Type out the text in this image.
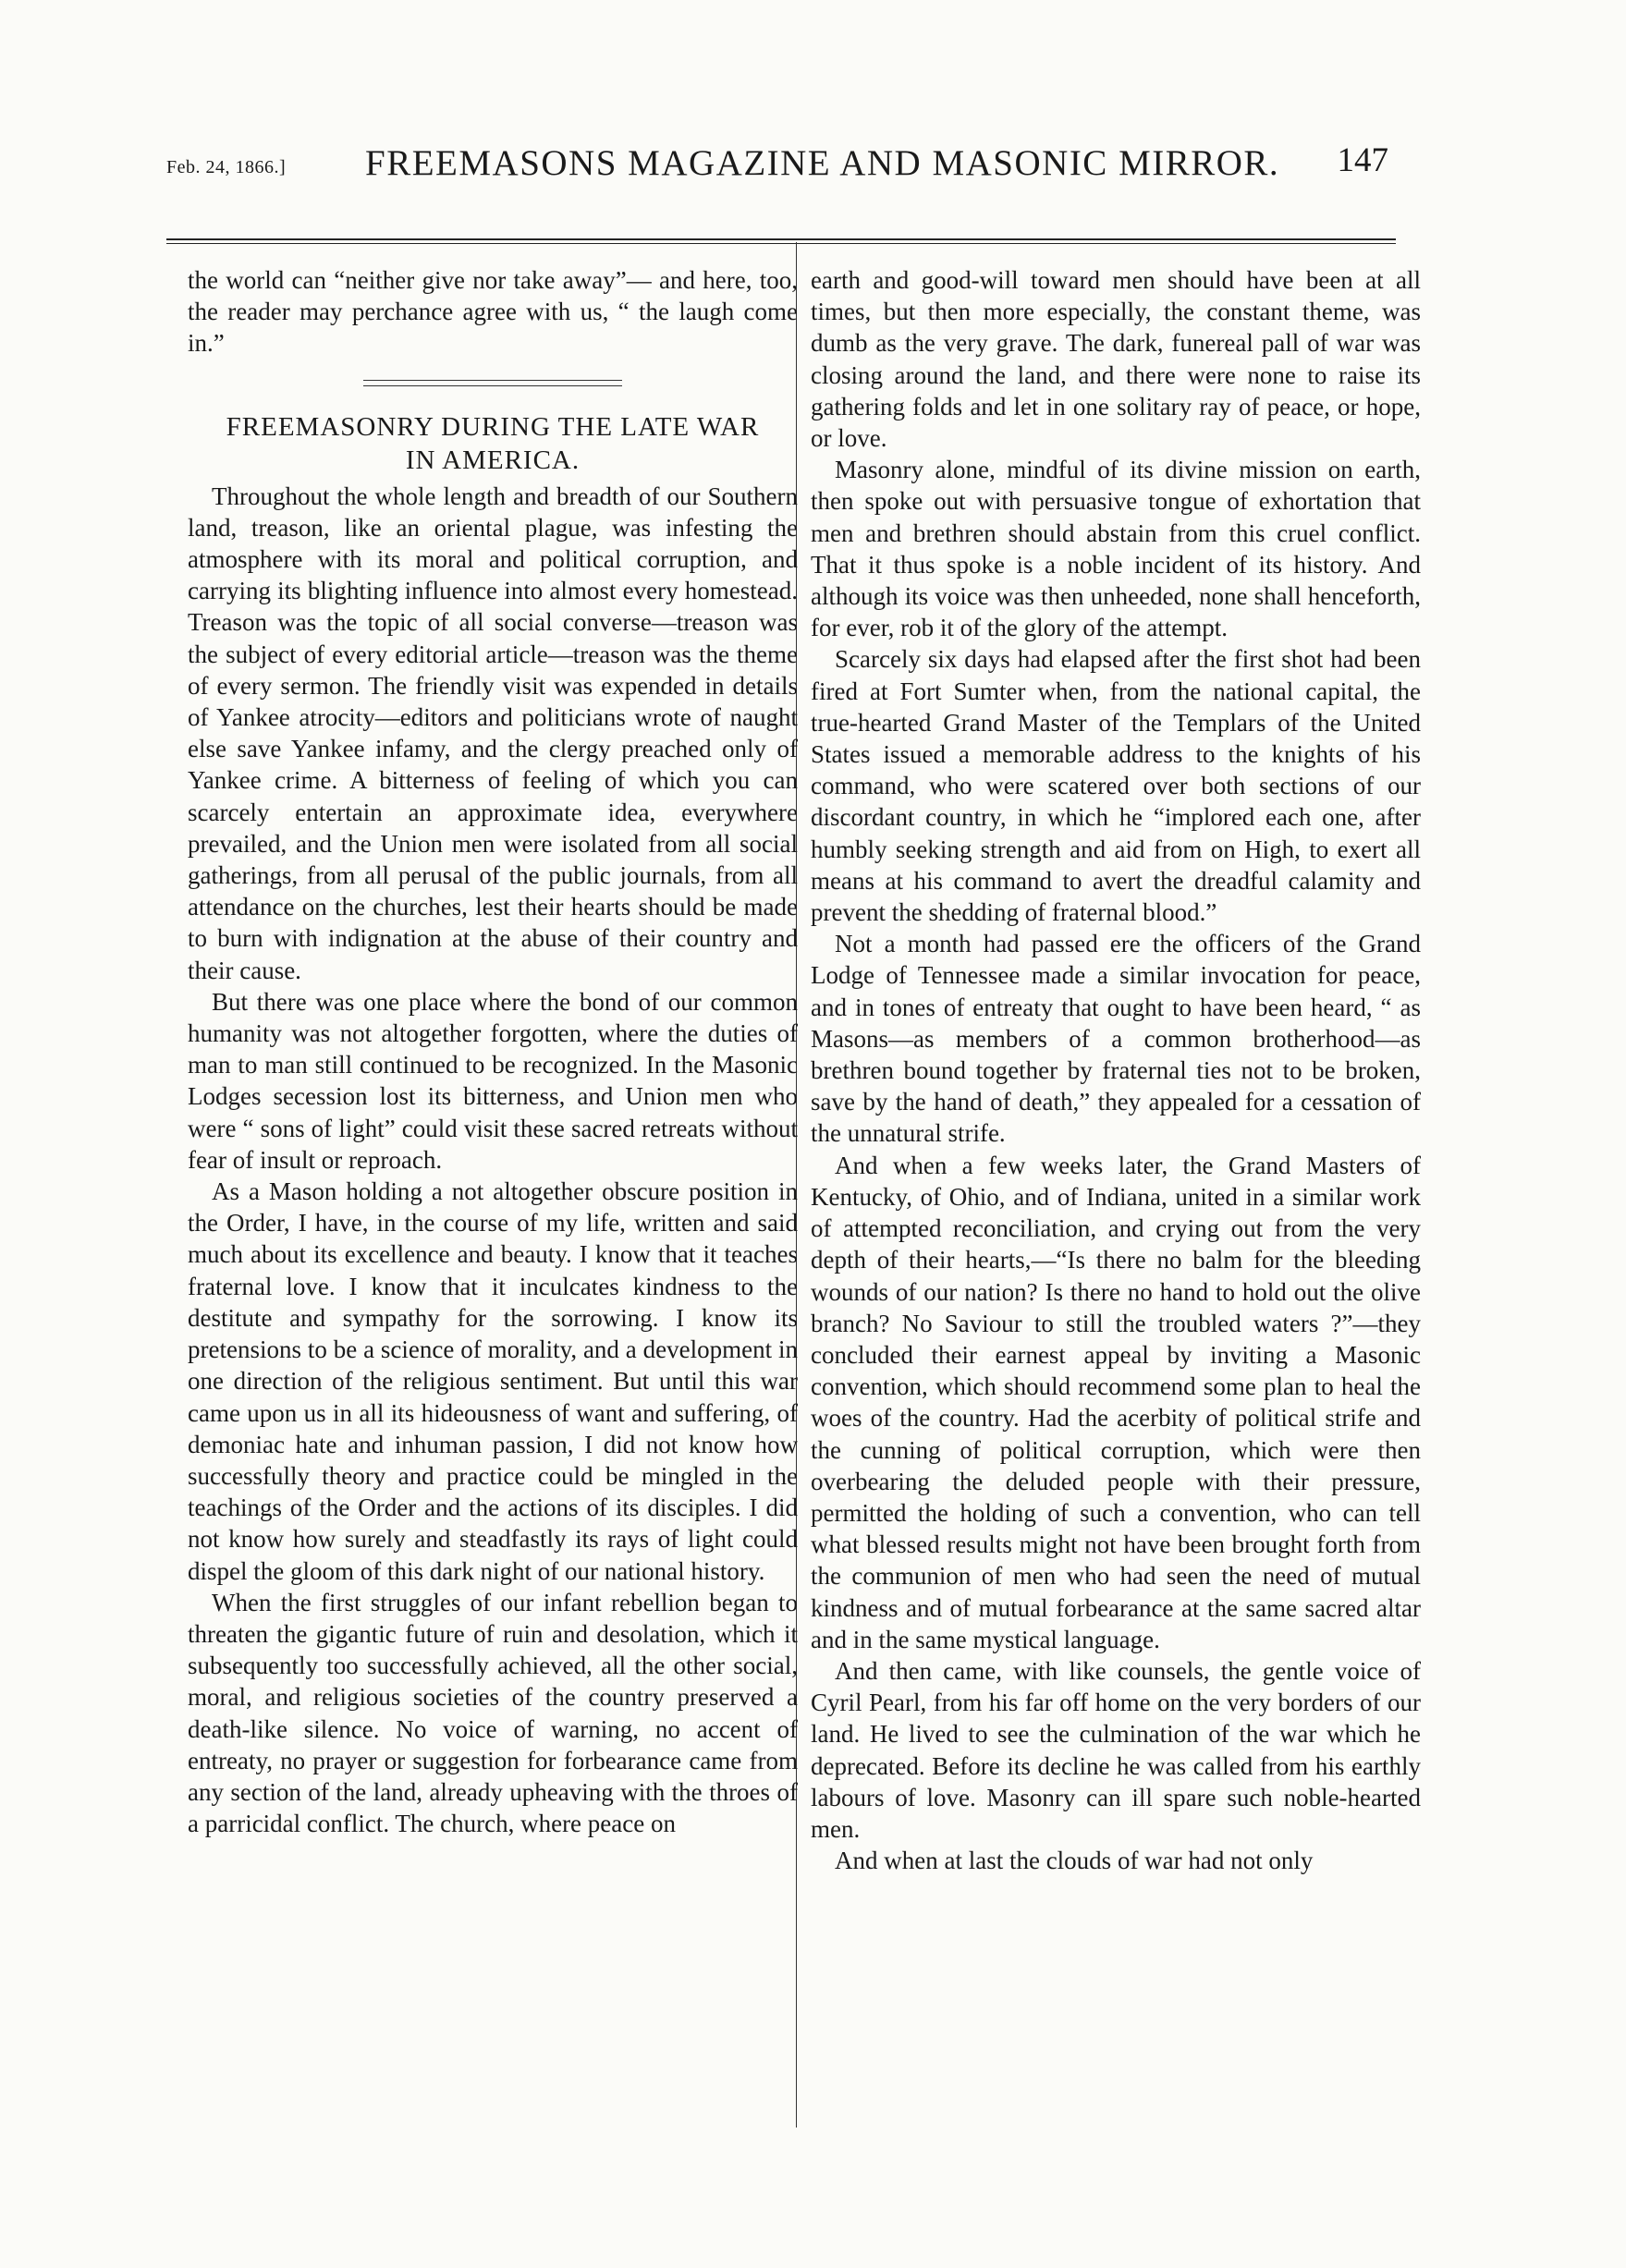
Feb. 24, 1866.] FREEMASONS MAGAZINE AND MASONIC MIRROR. 147

the world can “neither give nor take away”— and here, too, the reader may perchance agree with us, “ the laugh come in.”

FREEMASONRY DURING THE LATE WAR
IN AMERICA.

Throughout the whole length and breadth of our Southern land, treason, like an oriental plague, was infesting the atmosphere with its moral and political corruption, and carrying its blighting influence into almost every homestead. Treason was the topic of all social converse—treason was the subject of every editorial article—treason was the theme of every sermon. The friendly visit was expended in details of Yankee atrocity—editors and politicians wrote of naught else save Yankee infamy, and the clergy preached only of Yankee crime. A bitterness of feeling of which you can scarcely entertain an approximate idea, everywhere prevailed, and the Union men were isolated from all social gatherings, from all perusal of the public journals, from all attendance on the churches, lest their hearts should be made to burn with indignation at the abuse of their country and their cause.

But there was one place where the bond of our common humanity was not altogether forgotten, where the duties of man to man still continued to be recognized. In the Masonic Lodges secession lost its bitterness, and Union men who were “ sons of light” could visit these sacred retreats without fear of insult or reproach.

As a Mason holding a not altogether obscure position in the Order, I have, in the course of my life, written and said much about its excellence and beauty. I know that it teaches fraternal love. I know that it inculcates kindness to the destitute and sympathy for the sorrowing. I know its pretensions to be a science of morality, and a development in one direction of the religious sentiment. But until this war came upon us in all its hideousness of want and suffering, of demoniac hate and inhuman passion, I did not know how successfully theory and practice could be mingled in the teachings of the Order and the actions of its disciples. I did not know how surely and steadfastly its rays of light could dispel the gloom of this dark night of our national history.

When the first struggles of our infant rebellion began to threaten the gigantic future of ruin and desolation, which it subsequently too successfully achieved, all the other social, moral, and religious societies of the country preserved a death-like silence. No voice of warning, no accent of entreaty, no prayer or suggestion for forbearance came from any section of the land, already upheaving with the throes of a parricidal conflict. The church, where peace on

earth and good-will toward men should have been at all times, but then more especially, the constant theme, was dumb as the very grave. The dark, funereal pall of war was closing around the land, and there were none to raise its gathering folds and let in one solitary ray of peace, or hope, or love.

Masonry alone, mindful of its divine mission on earth, then spoke out with persuasive tongue of exhortation that men and brethren should abstain from this cruel conflict. That it thus spoke is a noble incident of its history. And although its voice was then unheeded, none shall henceforth, for ever, rob it of the glory of the attempt.

Scarcely six days had elapsed after the first shot had been fired at Fort Sumter when, from the national capital, the true-hearted Grand Master of the Templars of the United States issued a memorable address to the knights of his command, who were scatered over both sections of our discordant country, in which he “implored each one, after humbly seeking strength and aid from on High, to exert all means at his command to avert the dreadful calamity and prevent the shedding of fraternal blood.”

Not a month had passed ere the officers of the Grand Lodge of Tennessee made a similar invocation for peace, and in tones of entreaty that ought to have been heard, “ as Masons—as members of a common brotherhood—as brethren bound together by fraternal ties not to be broken, save by the hand of death,” they appealed for a cessation of the unnatural strife.

And when a few weeks later, the Grand Masters of Kentucky, of Ohio, and of Indiana, united in a similar work of attempted reconciliation, and crying out from the very depth of their hearts,—“Is there no balm for the bleeding wounds of our nation? Is there no hand to hold out the olive branch? No Saviour to still the troubled waters ?”—they concluded their earnest appeal by inviting a Masonic convention, which should recommend some plan to heal the woes of the country. Had the acerbity of political strife and the cunning of political corruption, which were then overbearing the deluded people with their pressure, permitted the holding of such a convention, who can tell what blessed results might not have been brought forth from the communion of men who had seen the need of mutual kindness and of mutual forbearance at the same sacred altar and in the same mystical language.

And then came, with like counsels, the gentle voice of Cyril Pearl, from his far off home on the very borders of our land. He lived to see the culmination of the war which he deprecated. Before its decline he was called from his earthly labours of love. Masonry can ill spare such noble-hearted men.

And when at last the clouds of war had not only
